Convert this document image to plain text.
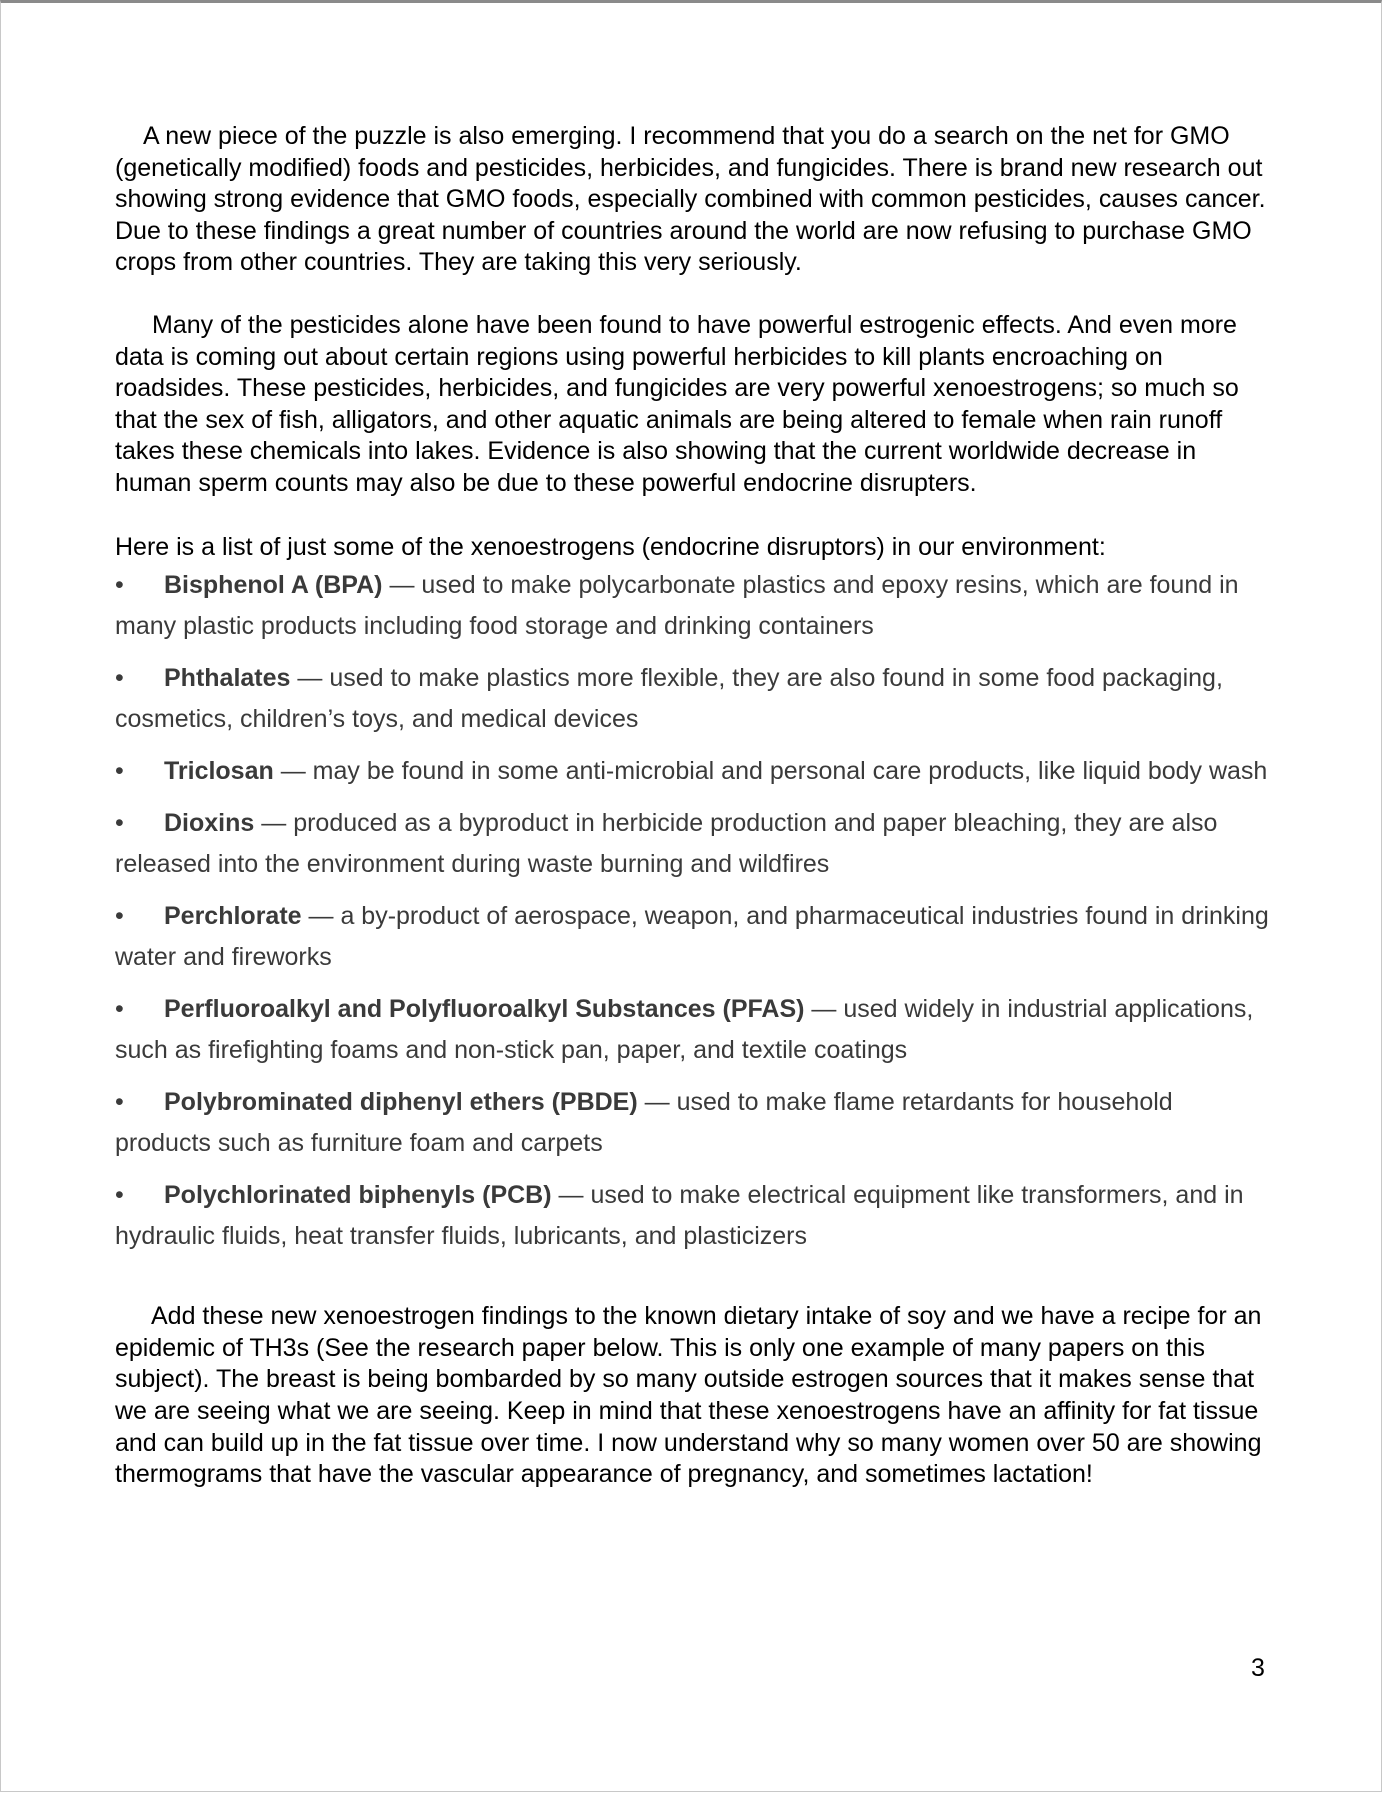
A new piece of the puzzle is also emerging. I recommend that you do a search on the net for GMO (genetically modified) foods and pesticides, herbicides, and fungicides. There is brand new research out showing strong evidence that GMO foods, especially combined with common pesticides, causes cancer. Due to these findings a great number of countries around the world are now refusing to purchase GMO crops from other countries. They are taking this very seriously.

Many of the pesticides alone have been found to have powerful estrogenic effects. And even more data is coming out about certain regions using powerful herbicides to kill plants encroaching on roadsides. These pesticides, herbicides, and fungicides are very powerful xenoestrogens; so much so that the sex of fish, alligators, and other aquatic animals are being altered to female when rain runoff takes these chemicals into lakes. Evidence is also showing that the current worldwide decrease in human sperm counts may also be due to these powerful endocrine disrupters.

Here is a list of just some of the xenoestrogens (endocrine disruptors) in our environment:

• Bisphenol A (BPA) — used to make polycarbonate plastics and epoxy resins, which are found in many plastic products including food storage and drinking containers
• Phthalates — used to make plastics more flexible, they are also found in some food packaging, cosmetics, children’s toys, and medical devices
• Triclosan — may be found in some anti-microbial and personal care products, like liquid body wash
• Dioxins — produced as a byproduct in herbicide production and paper bleaching, they are also released into the environment during waste burning and wildfires
• Perchlorate — a by-product of aerospace, weapon, and pharmaceutical industries found in drinking water and fireworks
• Perfluoroalkyl and Polyfluoroalkyl Substances (PFAS) — used widely in industrial applications, such as firefighting foams and non-stick pan, paper, and textile coatings
• Polybrominated diphenyl ethers (PBDE) — used to make flame retardants for household products such as furniture foam and carpets
• Polychlorinated biphenyls (PCB) — used to make electrical equipment like transformers, and in hydraulic fluids, heat transfer fluids, lubricants, and plasticizers

Add these new xenoestrogen findings to the known dietary intake of soy and we have a recipe for an epidemic of TH3s (See the research paper below. This is only one example of many papers on this subject). The breast is being bombarded by so many outside estrogen sources that it makes sense that we are seeing what we are seeing. Keep in mind that these xenoestrogens have an affinity for fat tissue and can build up in the fat tissue over time. I now understand why so many women over 50 are showing thermograms that have the vascular appearance of pregnancy, and sometimes lactation!

3
